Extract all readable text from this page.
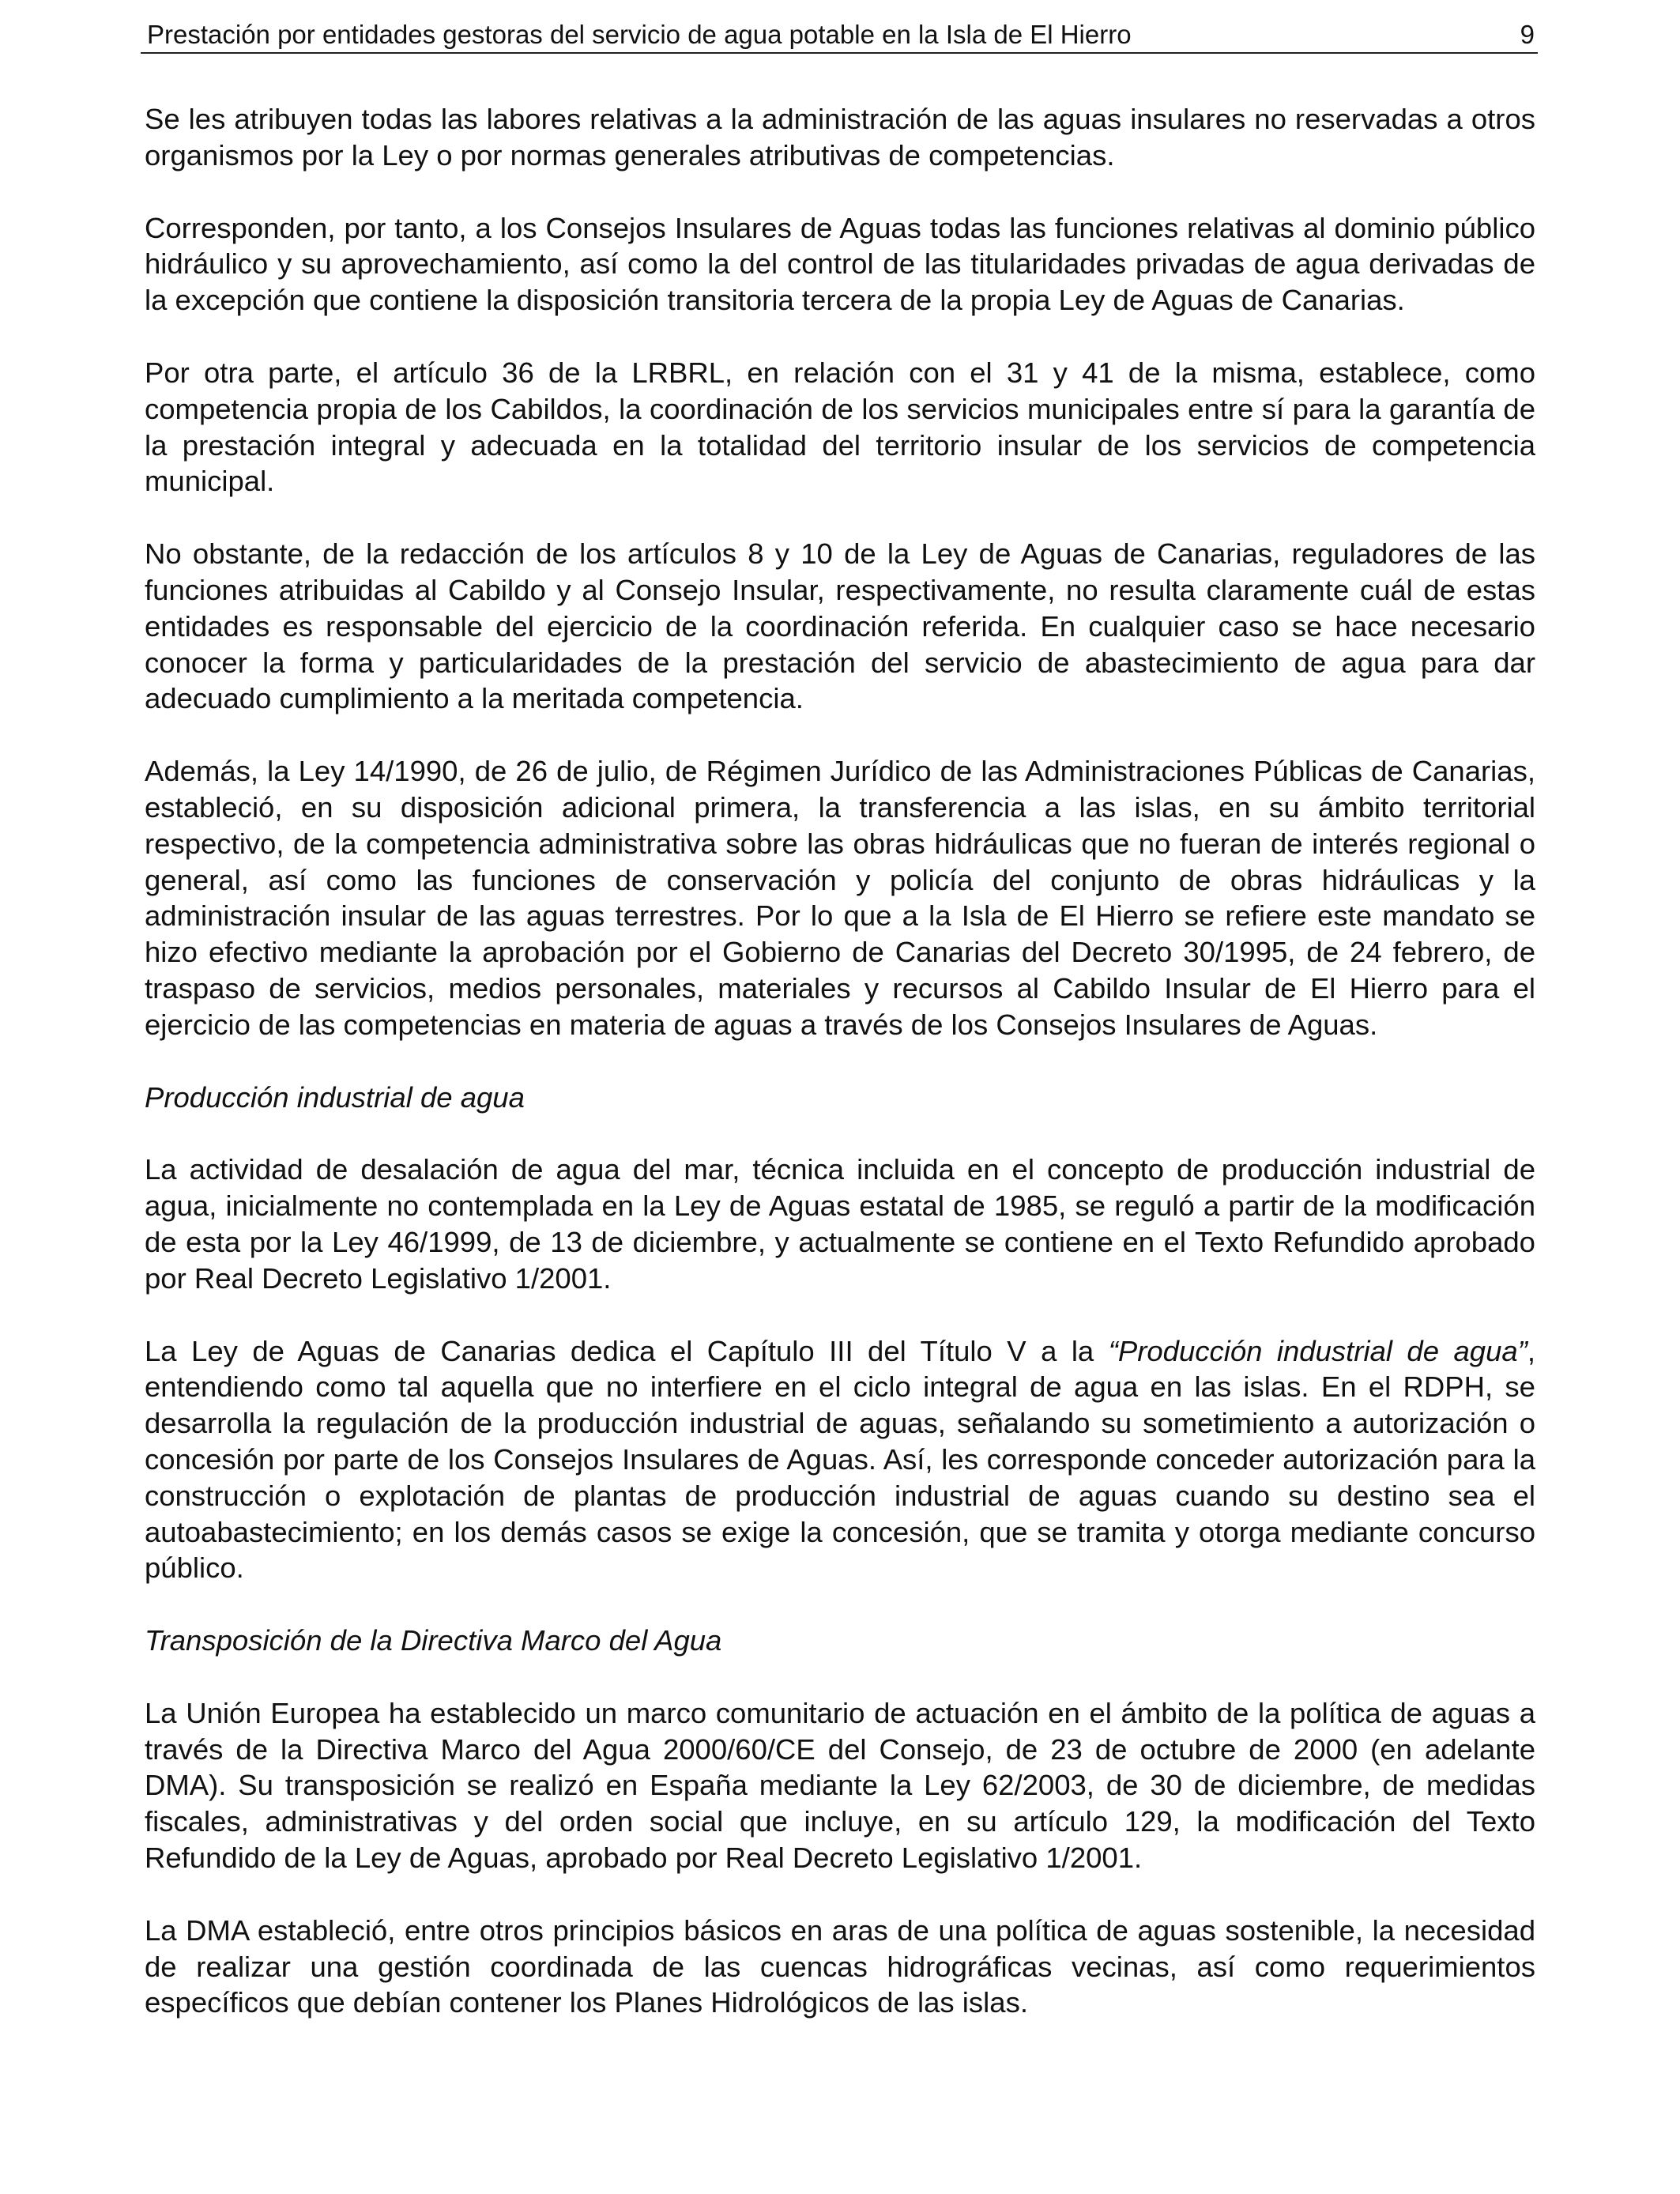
Prestación por entidades gestoras del servicio de agua potable en la Isla de El Hierro	9

Se les atribuyen todas las labores relativas a la administración de las aguas insulares no reservadas a otros organismos por la Ley o por normas generales atributivas de competencias.

Corresponden, por tanto, a los Consejos Insulares de Aguas todas las funciones relativas al dominio público hidráulico y su aprovechamiento, así como la del control de las titularidades privadas de agua derivadas de la excepción que contiene la disposición transitoria tercera de la propia Ley de Aguas de Canarias.

Por otra parte, el artículo 36 de la LRBRL, en relación con el 31 y 41 de la misma, establece, como competencia propia de los Cabildos, la coordinación de los servicios municipales entre sí para la garantía de la prestación integral y adecuada en la totalidad del territorio insular de los servicios de competencia municipal.

No obstante, de la redacción de los artículos 8 y 10 de la Ley de Aguas de Canarias, reguladores de las funciones atribuidas al Cabildo y al Consejo Insular, respectivamente, no resulta claramente cuál de estas entidades es responsable del ejercicio de la coordinación referida. En cualquier caso se hace necesario conocer la forma y particularidades de la prestación del servicio de abastecimiento de agua para dar adecuado cumplimiento a la meritada competencia.

Además, la Ley 14/1990, de 26 de julio, de Régimen Jurídico de las Administraciones Públicas de Canarias, estableció, en su disposición adicional primera, la transferencia a las islas, en su ámbito territorial respectivo, de la competencia administrativa sobre las obras hidráulicas que no fueran de interés regional o general, así como las funciones de conservación y policía del conjunto de obras hidráulicas y la administración insular de las aguas terrestres. Por lo que a la Isla de El Hierro se refiere este mandato se hizo efectivo mediante la aprobación por el Gobierno de Canarias del Decreto 30/1995, de 24 febrero, de traspaso de servicios, medios personales, materiales y recursos al Cabildo Insular de El Hierro para el ejercicio de las competencias en materia de aguas a través de los Consejos Insulares de Aguas.

Producción industrial de agua

La actividad de desalación de agua del mar, técnica incluida en el concepto de producción industrial de agua, inicialmente no contemplada en la Ley de Aguas estatal de 1985, se reguló a partir de la modificación de esta por la Ley 46/1999, de 13 de diciembre, y actualmente se contiene en el Texto Refundido aprobado por Real Decreto Legislativo 1/2001.

La Ley de Aguas de Canarias dedica el Capítulo III del Título V a la “Producción industrial de agua”, entendiendo como tal aquella que no interfiere en el ciclo integral de agua en las islas. En el RDPH, se desarrolla la regulación de la producción industrial de aguas, señalando su sometimiento a autorización o concesión por parte de los Consejos Insulares de Aguas. Así, les corresponde conceder autorización para la construcción o explotación de plantas de producción industrial de aguas cuando su destino sea el autoabastecimiento; en los demás casos se exige la concesión, que se tramita y otorga mediante concurso público.

Transposición de la Directiva Marco del Agua

La Unión Europea ha establecido un marco comunitario de actuación en el ámbito de la política de aguas a través de la Directiva Marco del Agua 2000/60/CE del Consejo, de 23 de octubre de 2000 (en adelante DMA). Su transposición se realizó en España mediante la Ley 62/2003, de 30 de diciembre, de medidas fiscales, administrativas y del orden social que incluye, en su artículo 129, la modificación del Texto Refundido de la Ley de Aguas, aprobado por Real Decreto Legislativo 1/2001.

La DMA estableció, entre otros principios básicos en aras de una política de aguas sostenible, la necesidad de realizar una gestión coordinada de las cuencas hidrográficas vecinas, así como requerimientos específicos que debían contener los Planes Hidrológicos de las islas.
